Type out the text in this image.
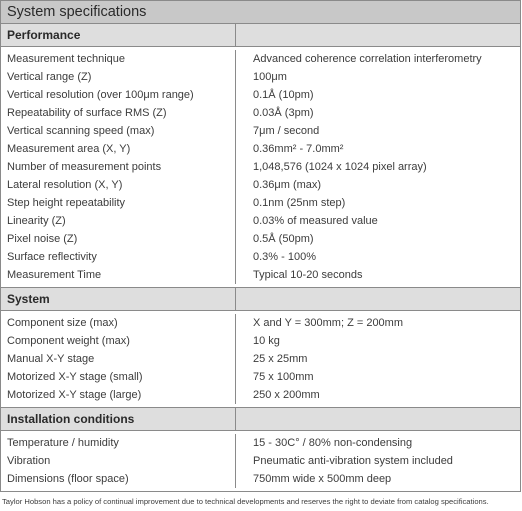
System specifications
Performance
Measurement technique
Vertical range (Z)
Vertical resolution (over 100μm range)
Repeatability of surface RMS (Z)
Vertical scanning speed (max)
Measurement area (X, Y)
Number of measurement points
Lateral resolution (X, Y)
Step height repeatability
Linearity (Z)
Pixel noise (Z)
Surface reflectivity
Measurement Time
Advanced coherence correlation interferometry
100μm
0.1Å (10pm)
0.03Å (3pm)
7μm / second
0.36mm² - 7.0mm²
1,048,576 (1024 x 1024 pixel array)
0.36μm (max)
0.1nm (25nm step)
0.03% of measured value
0.5Å (50pm)
0.3% - 100%
Typical 10-20 seconds
System
Component size (max)
Component weight (max)
Manual X-Y stage
Motorized X-Y stage (small)
Motorized X-Y stage (large)
X and Y = 300mm; Z = 200mm
10 kg
25 x 25mm
75 x 100mm
250 x 200mm
Installation conditions
Temperature / humidity
Vibration
Dimensions (floor space)
15 - 30C° / 80% non-condensing
Pneumatic anti-vibration system included
750mm wide x 500mm deep
Taylor Hobson has a policy of continual improvement due to technical developments and reserves the right to deviate from catalog specifications.
